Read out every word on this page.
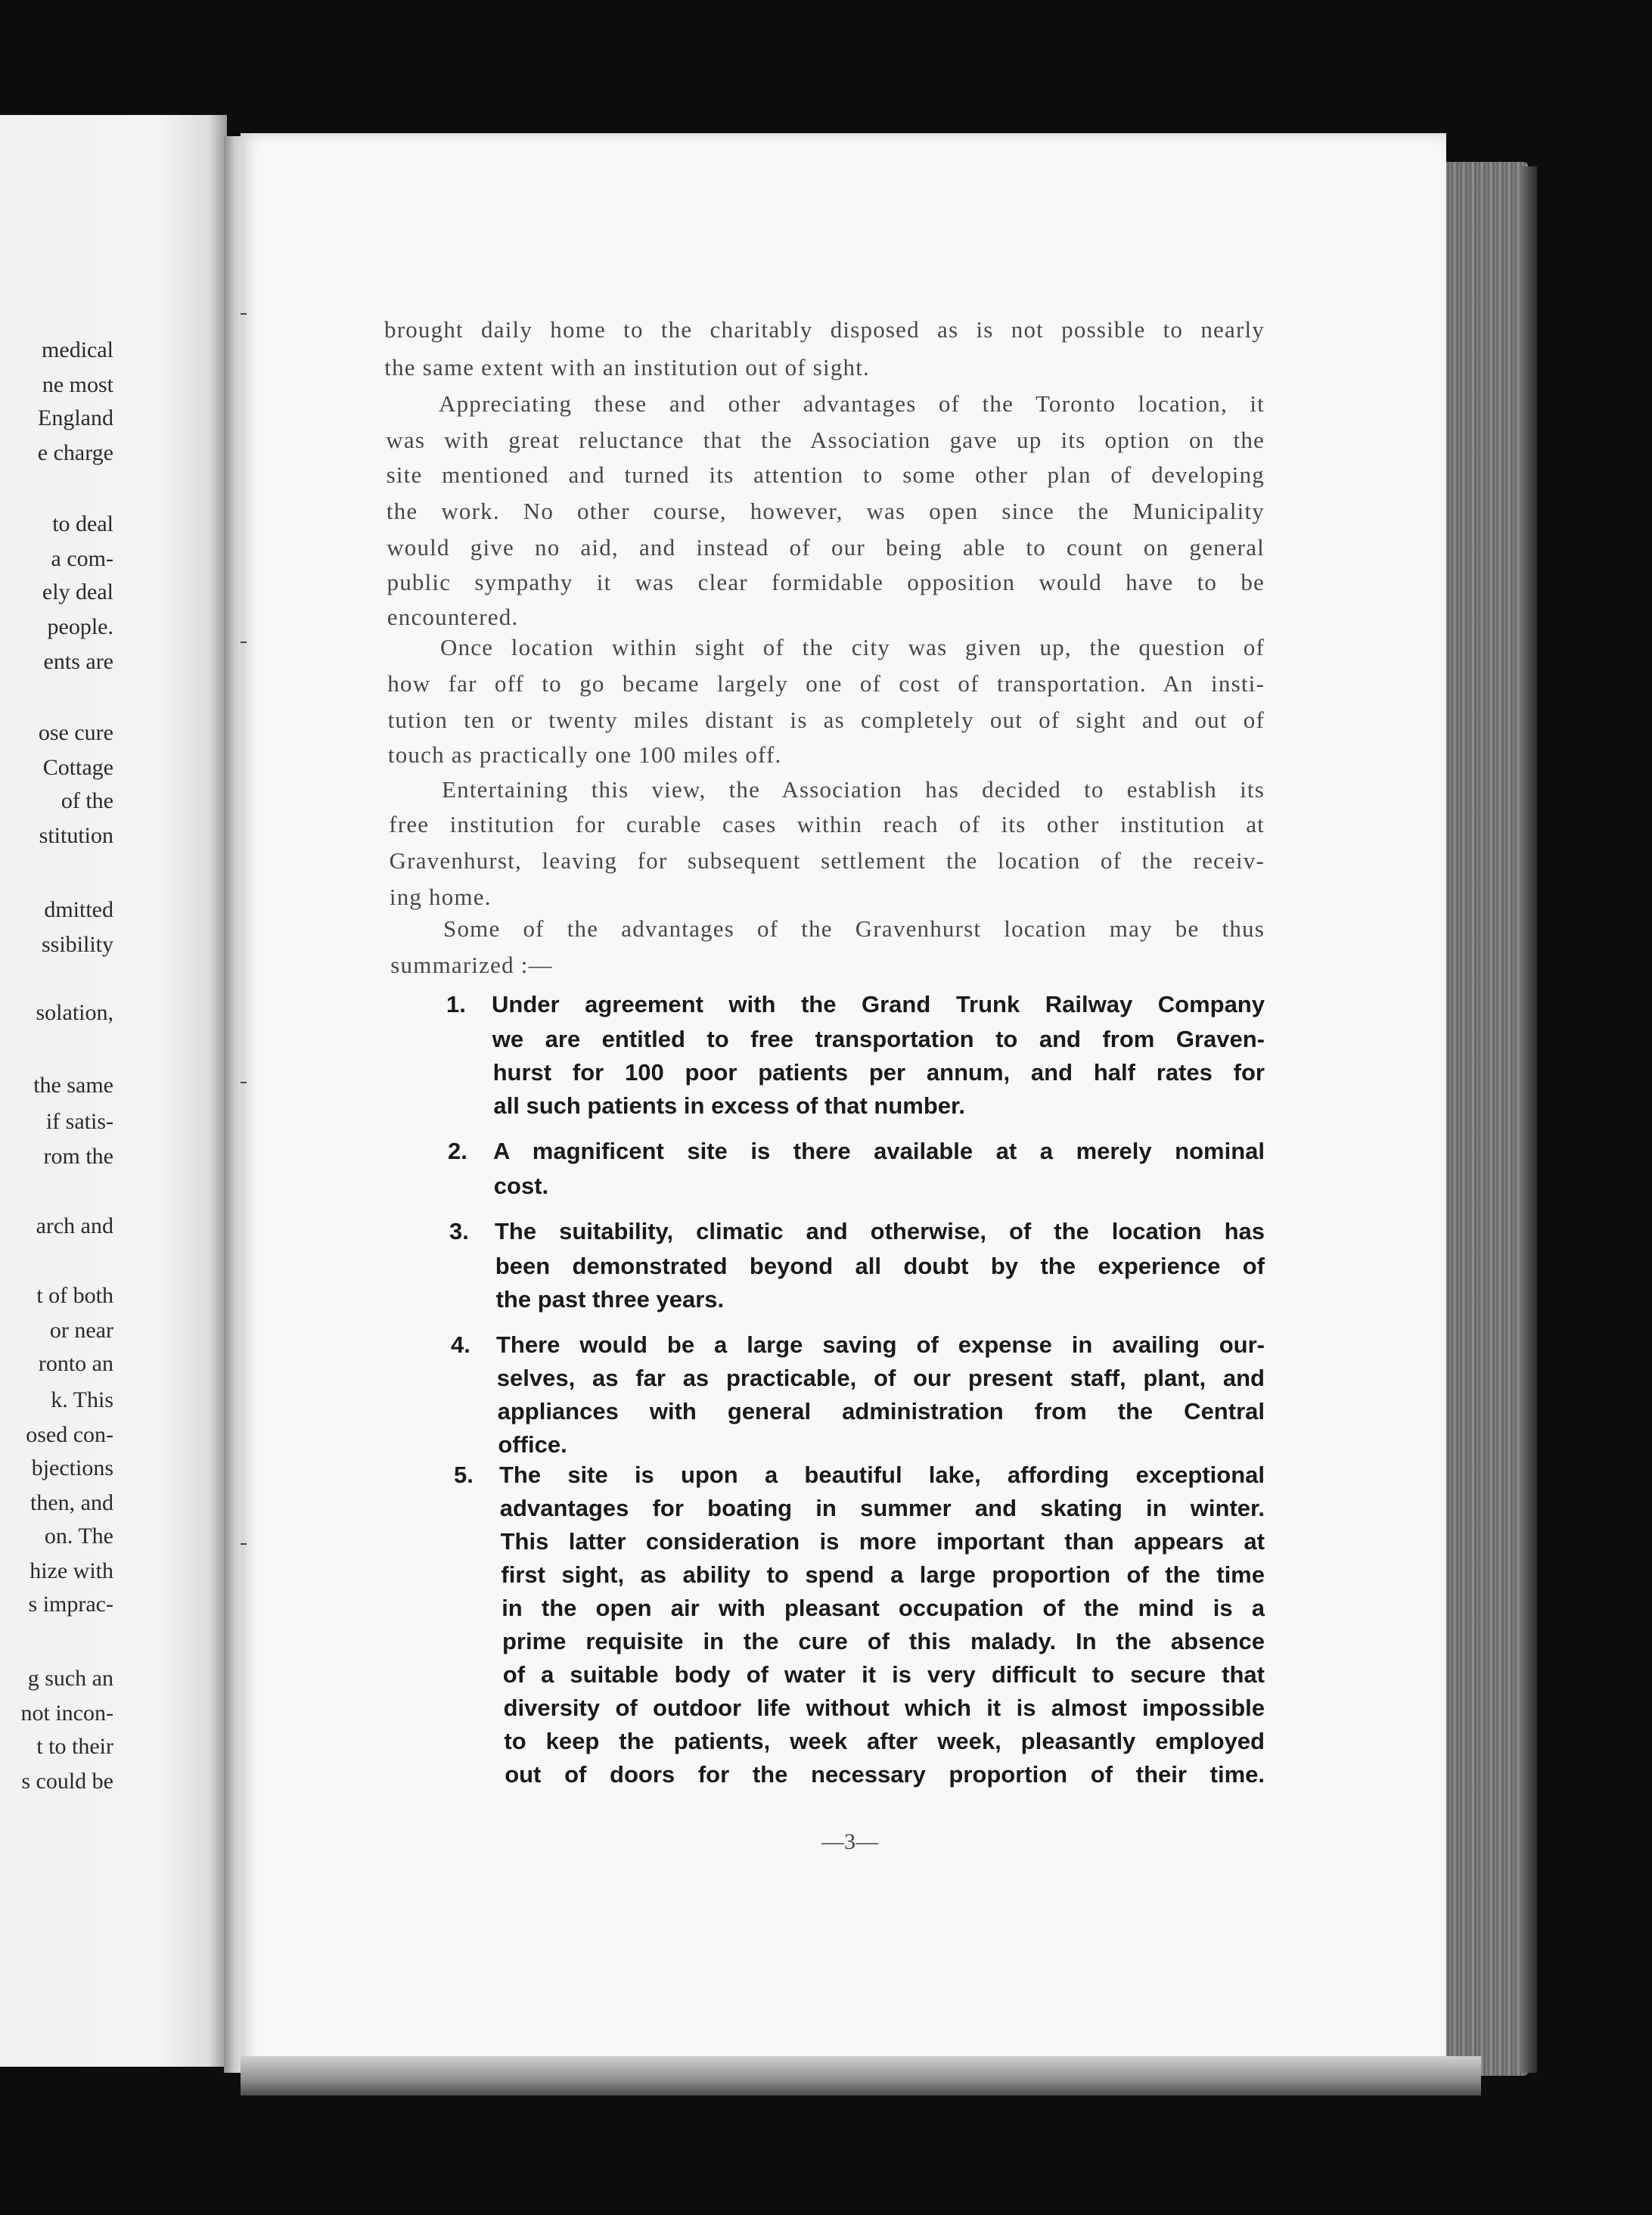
medical
ne most
England
e charge
to deal
a com-
ely deal
people.
ents are
ose cure
Cottage
of the
stitution
dmitted
ssibility
solation,
the same
if satis-
rom the
arch and
t of both
or near
ronto an
k. This
osed con-
bjections
then, and
on. The
hize with
s imprac-
g such an
not incon-
t to their
s could be
brought daily home to the charitably disposed as is not possible to nearly
the same extent with an institution out of sight.
Appreciating these and other advantages of the Toronto location, it
was with great reluctance that the Association gave up its option on the
site mentioned and turned its attention to some other plan of developing
the work. No other course, however, was open since the Municipality
would give no aid, and instead of our being able to count on general
public sympathy it was clear formidable opposition would have to be
encountered.
Once location within sight of the city was given up, the question of
how far off to go became largely one of cost of transportation. An insti-
tution ten or twenty miles distant is as completely out of sight and out of
touch as practically one 100 miles off.
Entertaining this view, the Association has decided to establish its
free institution for curable cases within reach of its other institution at
Gravenhurst, leaving for subsequent settlement the location of the receiv-
ing home.
Some of the advantages of the Gravenhurst location may be thus
summarized :—
1. Under agreement with the Grand Trunk Railway Company
we are entitled to free transportation to and from Graven-
hurst for 100 poor patients per annum, and half rates for
all such patients in excess of that number.
2. A magnificent site is there available at a merely nominal
cost.
3. The suitability, climatic and otherwise, of the location has
been demonstrated beyond all doubt by the experience of
the past three years.
4. There would be a large saving of expense in availing our-
selves, as far as practicable, of our present staff, plant, and
appliances with general administration from the Central
office.
5. The site is upon a beautiful lake, affording exceptional
advantages for boating in summer and skating in winter.
This latter consideration is more important than appears at
first sight, as ability to spend a large proportion of the time
in the open air with pleasant occupation of the mind is a
prime requisite in the cure of this malady. In the absence
of a suitable body of water it is very difficult to secure that
diversity of outdoor life without which it is almost impossible
to keep the patients, week after week, pleasantly employed
out of doors for the necessary proportion of their time.
—3—
